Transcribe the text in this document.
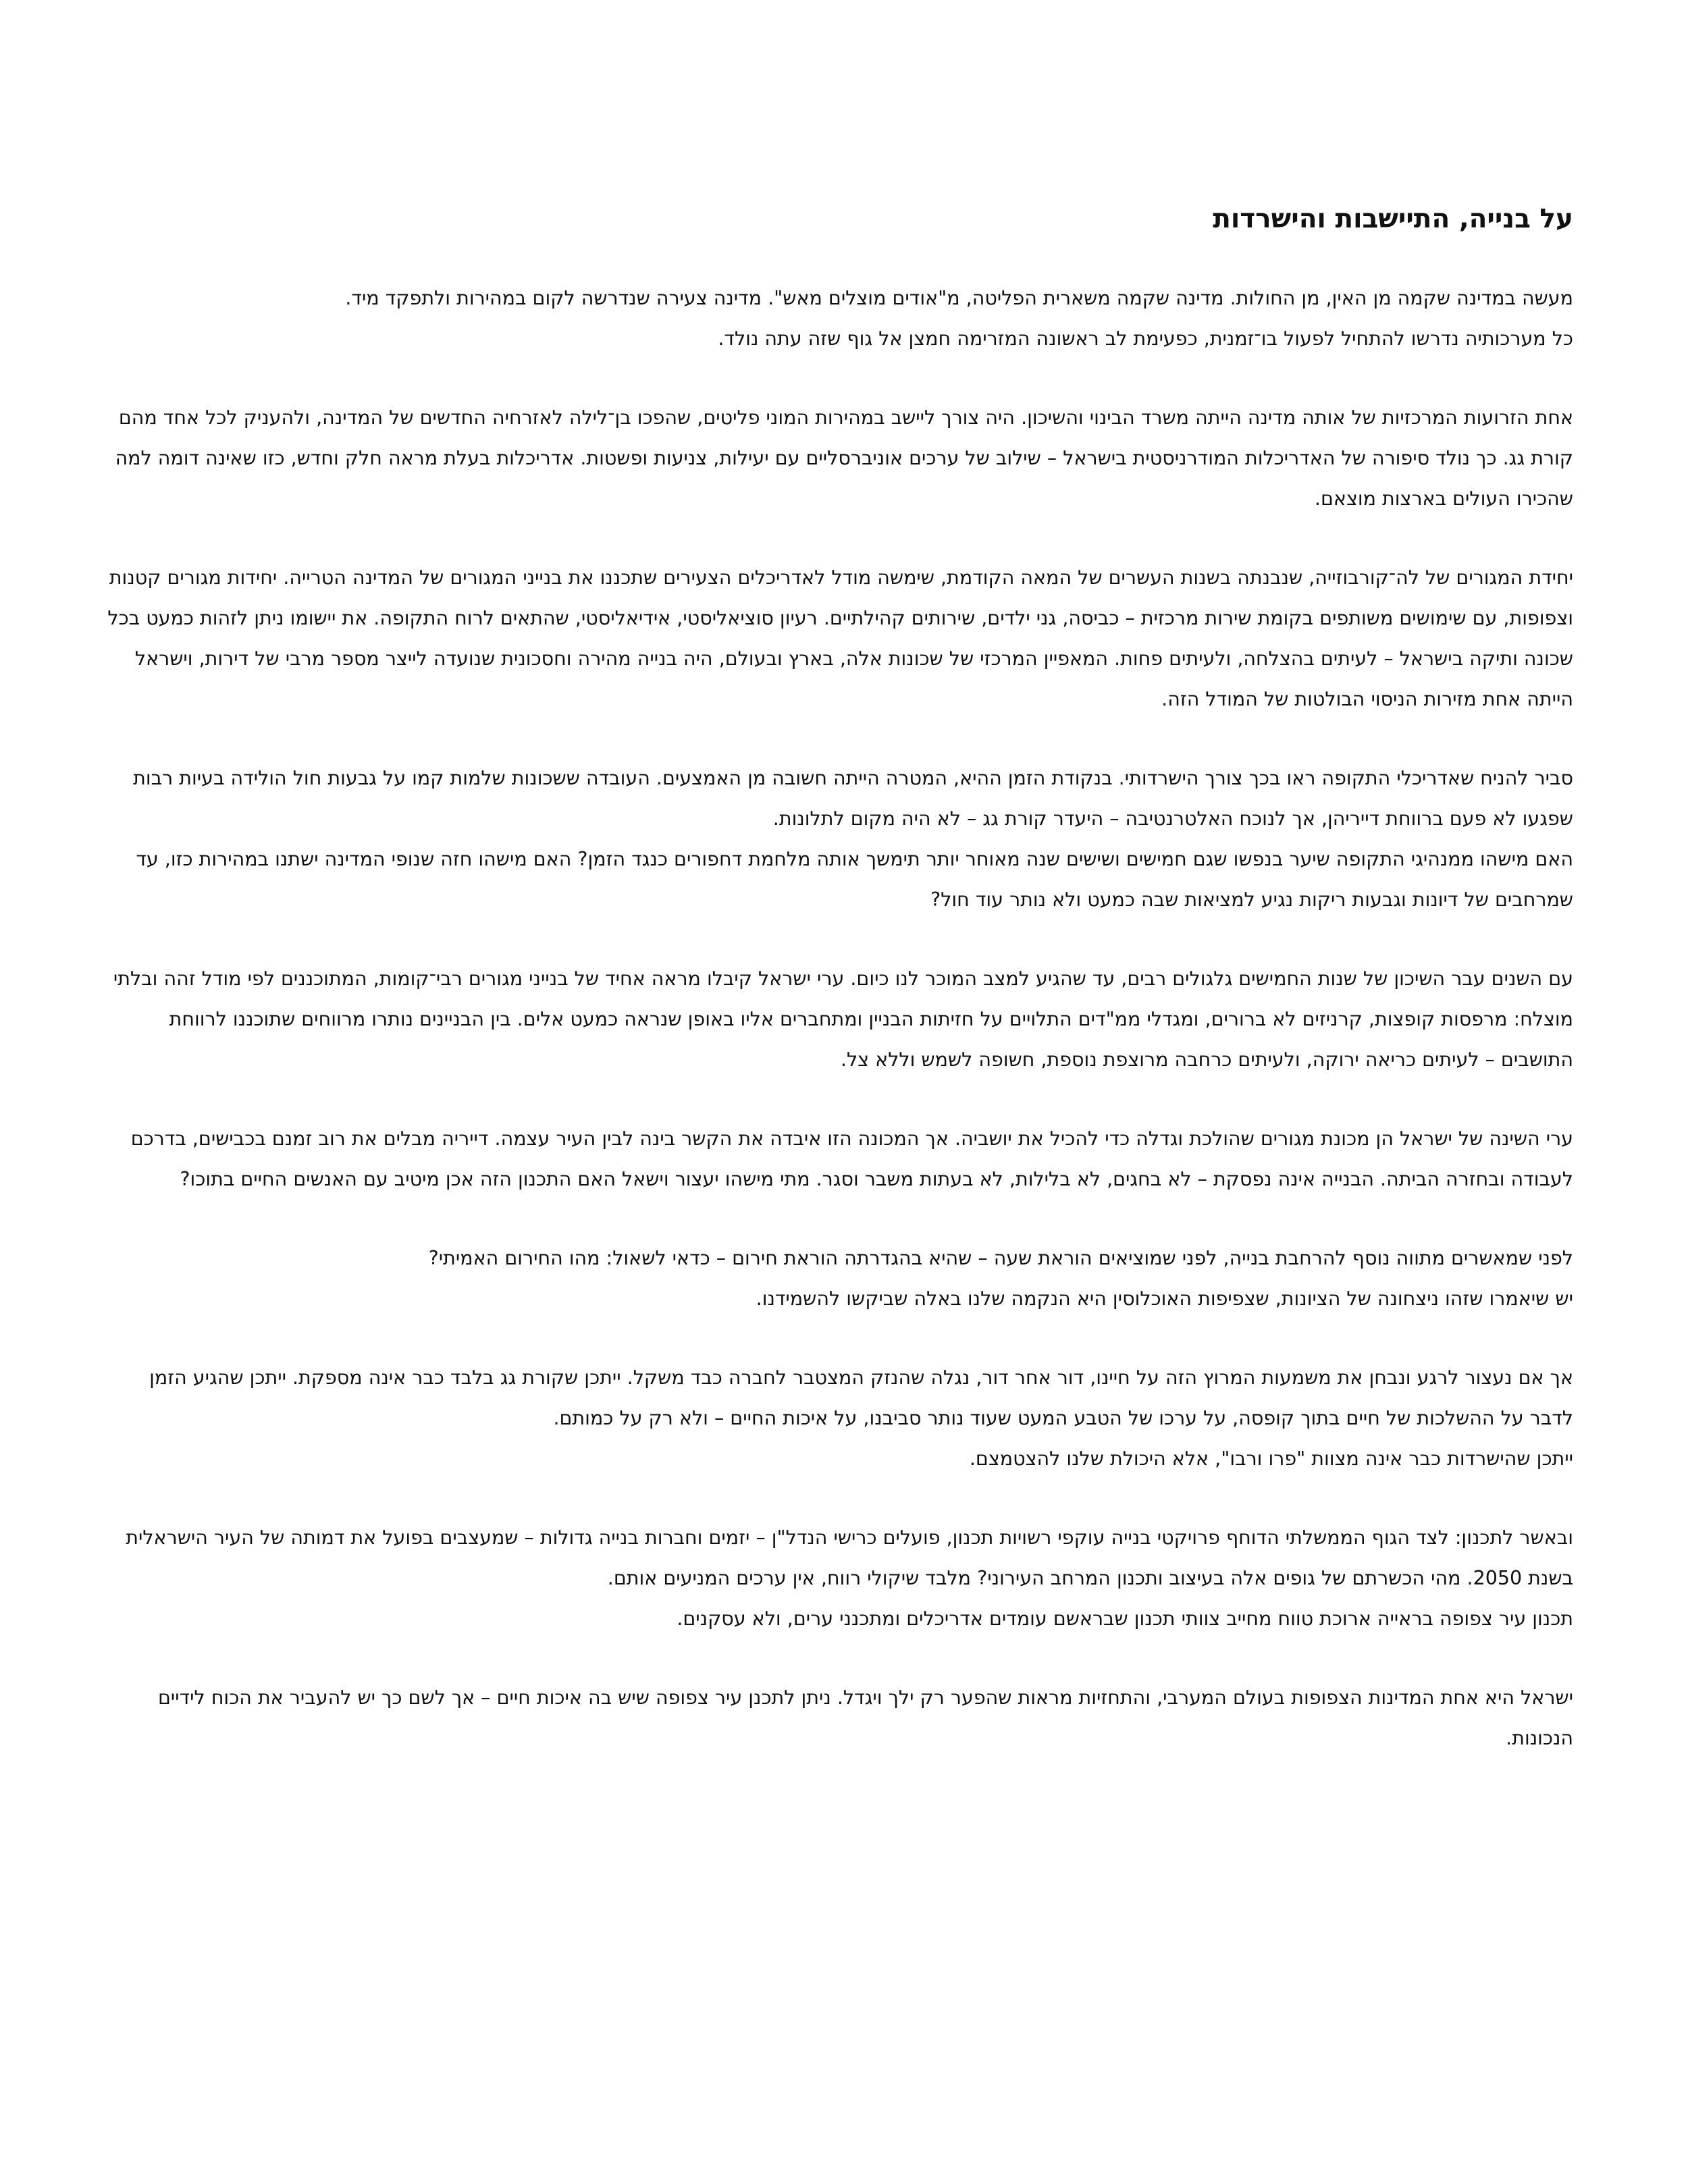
על בנייה, התיישבות והישרדות

מעשה במדינה שקמה מן האין, מן החולות. מדינה שקמה משארית הפליטה, מ"אודים מוצלים מאש". מדינה צעירה שנדרשה לקום במהירות ולתפקד מיד.
כל מערכותיה נדרשו להתחיל לפעול בו־זמנית, כפעימת לב ראשונה המזרימה חמצן אל גוף שזה עתה נולד.

אחת הזרועות המרכזיות של אותה מדינה הייתה משרד הבינוי והשיכון. היה צורך ליישב במהירות המוני פליטים, שהפכו בן־לילה לאזרחיה החדשים של המדינה, ולהעניק לכל אחד מהם קורת גג. כך נולד סיפורה של האדריכלות המודרניסטית בישראל – שילוב של ערכים אוניברסליים עם יעילות, צניעות ופשטות. אדריכלות בעלת מראה חלק וחדש, כזו שאינה דומה למה שהכירו העולים בארצות מוצאם.

יחידת המגורים של לה־קורבוזייה, שנבנתה בשנות העשרים של המאה הקודמת, שימשה מודל לאדריכלים הצעירים שתכננו את בנייני המגורים של המדינה הטרייה. יחידות מגורים קטנות וצפופות, עם שימושים משותפים בקומת שירות מרכזית – כביסה, גני ילדים, שירותים קהילתיים. רעיון סוציאליסטי, אידיאליסטי, שהתאים לרוח התקופה. את יישומו ניתן לזהות כמעט בכל שכונה ותיקה בישראל – לעיתים בהצלחה, ולעיתים פחות. המאפיין המרכזי של שכונות אלה, בארץ ובעולם, היה בנייה מהירה וחסכונית שנועדה לייצר מספר מרבי של דירות, וישראל הייתה אחת מזירות הניסוי הבולטות של המודל הזה.

סביר להניח שאדריכלי התקופה ראו בכך צורך הישרדותי. בנקודת הזמן ההיא, המטרה הייתה חשובה מן האמצעים. העובדה ששכונות שלמות קמו על גבעות חול הולידה בעיות רבות שפגעו לא פעם ברווחת דייריהן, אך לנוכח האלטרנטיבה – היעדר קורת גג – לא היה מקום לתלונות.
האם מישהו ממנהיגי התקופה שיער בנפשו שגם חמישים ושישים שנה מאוחר יותר תימשך אותה מלחמת דחפורים כנגד הזמן? האם מישהו חזה שנופי המדינה ישתנו במהירות כזו, עד שמרחבים של דיונות וגבעות ריקות נגיע למציאות שבה כמעט ולא נותר עוד חול?

עם השנים עבר השיכון של שנות החמישים גלגולים רבים, עד שהגיע למצב המוכר לנו כיום. ערי ישראל קיבלו מראה אחיד של בנייני מגורים רבי־קומות, המתוכננים לפי מודל זהה ובלתי מוצלח: מרפסות קופצות, קרניזים לא ברורים, ומגדלי ממ"דים התלויים על חזיתות הבניין ומתחברים אליו באופן שנראה כמעט אלים. בין הבניינים נותרו מרווחים שתוכננו לרווחת התושבים – לעיתים כריאה ירוקה, ולעיתים כרחבה מרוצפת נוספת, חשופה לשמש וללא צל.

ערי השינה של ישראל הן מכונת מגורים שהולכת וגדלה כדי להכיל את יושביה. אך המכונה הזו איבדה את הקשר בינה לבין העיר עצמה. דייריה מבלים את רוב זמנם בכבישים, בדרכם לעבודה ובחזרה הביתה. הבנייה אינה נפסקת – לא בחגים, לא בלילות, לא בעתות משבר וסגר. מתי מישהו יעצור וישאל האם התכנון הזה אכן מיטיב עם האנשים החיים בתוכו?

לפני שמאשרים מתווה נוסף להרחבת בנייה, לפני שמוציאים הוראת שעה – שהיא בהגדרתה הוראת חירום – כדאי לשאול: מהו החירום האמיתי?
יש שיאמרו שזהו ניצחונה של הציונות, שצפיפות האוכלוסין היא הנקמה שלנו באלה שביקשו להשמידנו.

אך אם נעצור לרגע ונבחן את משמעות המרוץ הזה על חיינו, דור אחר דור, נגלה שהנזק המצטבר לחברה כבד משקל. ייתכן שקורת גג בלבד כבר אינה מספקת. ייתכן שהגיע הזמן לדבר על ההשלכות של חיים בתוך קופסה, על ערכו של הטבע המעט שעוד נותר סביבנו, על איכות החיים – ולא רק על כמותם.
ייתכן שהישרדות כבר אינה מצוות "פרו ורבו", אלא היכולת שלנו להצטמצם.

ובאשר לתכנון: לצד הגוף הממשלתי הדוחף פרויקטי בנייה עוקפי רשויות תכנון, פועלים כרישי הנדל"ן – יזמים וחברות בנייה גדולות – שמעצבים בפועל את דמותה של העיר הישראלית בשנת 2050. מהי הכשרתם של גופים אלה בעיצוב ותכנון המרחב העירוני? מלבד שיקולי רווח, אין ערכים המניעים אותם.
תכנון עיר צפופה בראייה ארוכת טווח מחייב צוותי תכנון שבראשם עומדים אדריכלים ומתכנני ערים, ולא עסקנים.

ישראל היא אחת המדינות הצפופות בעולם המערבי, והתחזיות מראות שהפער רק ילך ויגדל. ניתן לתכנן עיר צפופה שיש בה איכות חיים – אך לשם כך יש להעביר את הכוח לידיים הנכונות.
